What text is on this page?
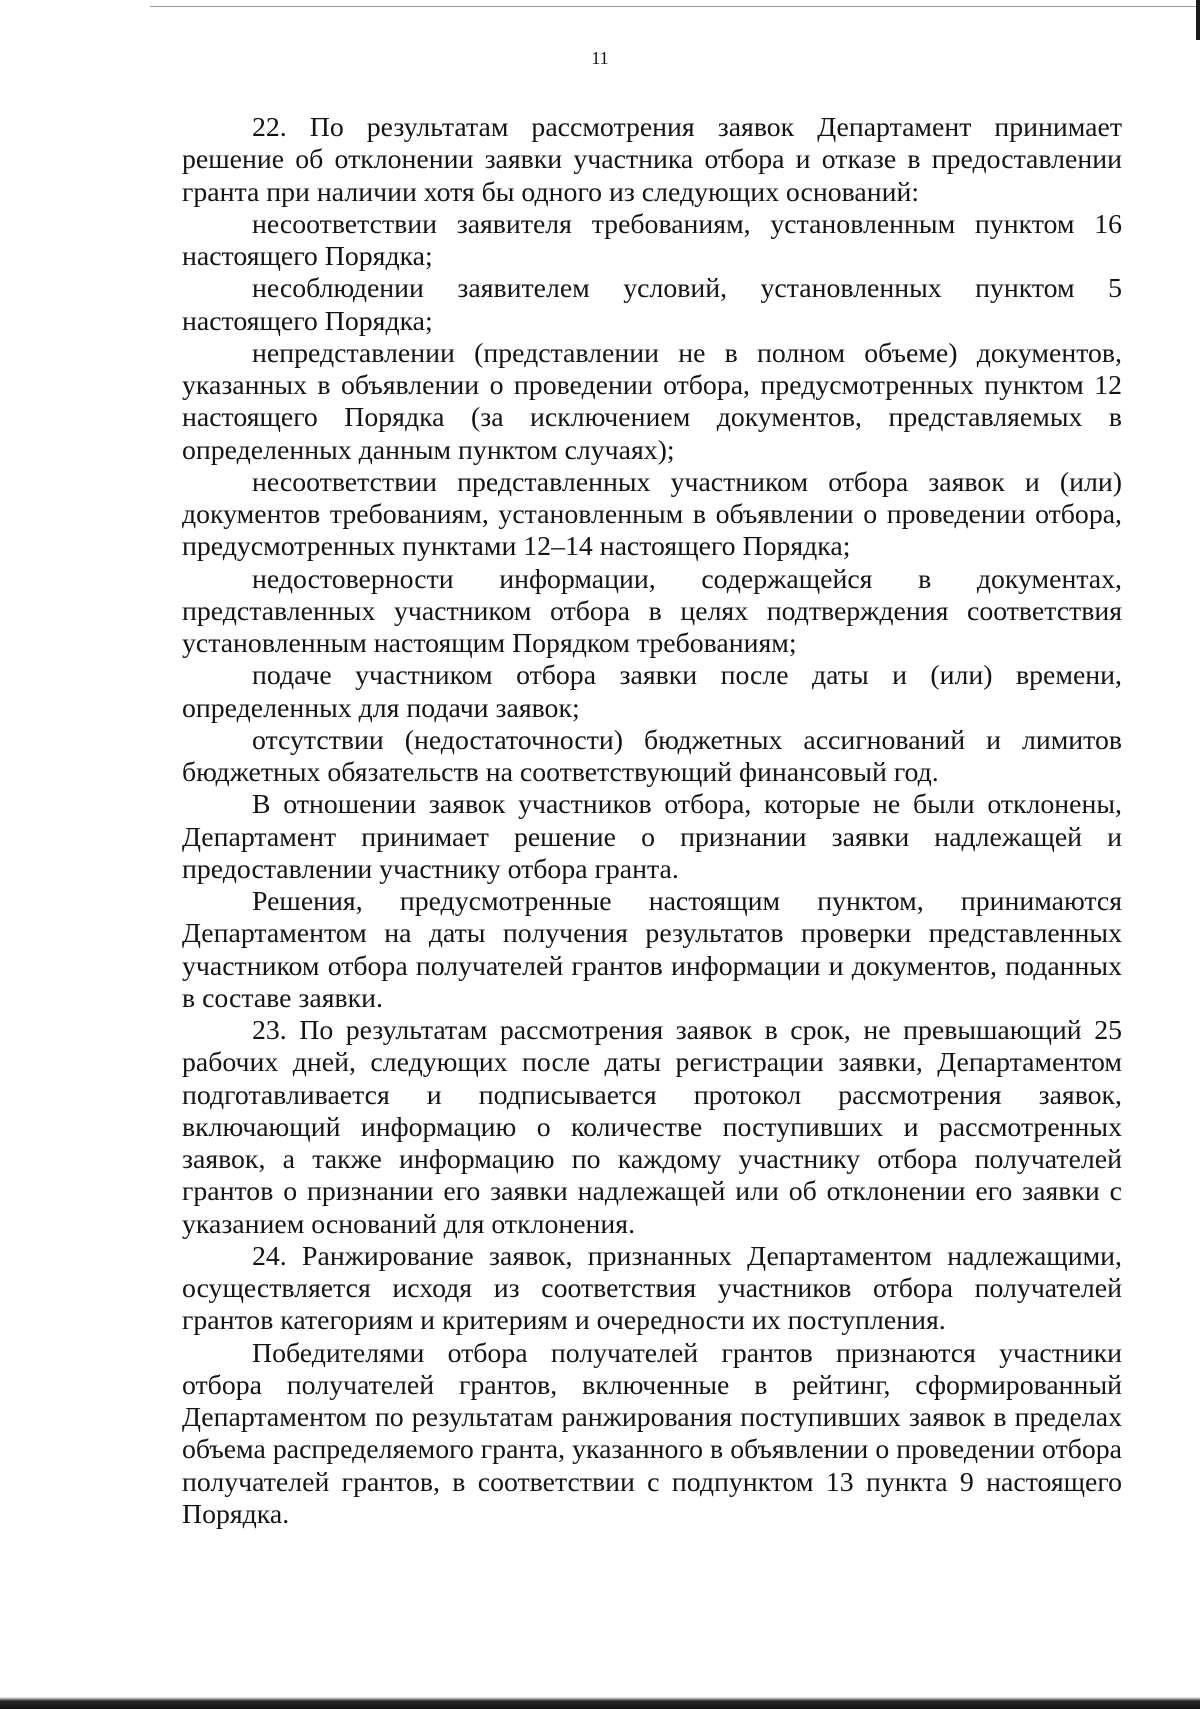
11

22. По результатам рассмотрения заявок Департамент принимает решение об отклонении заявки участника отбора и отказе в предоставлении гранта при наличии хотя бы одного из следующих оснований:

несоответствии заявителя требованиям, установленным пунктом 16 настоящего Порядка;

несоблюдении заявителем условий, установленных пунктом 5 настоящего Порядка;

непредставлении (представлении не в полном объеме) документов, указанных в объявлении о проведении отбора, предусмотренных пунктом 12 настоящего Порядка (за исключением документов, представляемых в определенных данным пунктом случаях);

несоответствии представленных участником отбора заявок и (или) документов требованиям, установленным в объявлении о проведении отбора, предусмотренных пунктами 12–14 настоящего Порядка;

недостоверности информации, содержащейся в документах, представленных участником отбора в целях подтверждения соответствия установленным настоящим Порядком требованиям;

подаче участником отбора заявки после даты и (или) времени, определенных для подачи заявок;

отсутствии (недостаточности) бюджетных ассигнований и лимитов бюджетных обязательств на соответствующий финансовый год.

В отношении заявок участников отбора, которые не были отклонены, Департамент принимает решение о признании заявки надлежащей и предоставлении участнику отбора гранта.

Решения, предусмотренные настоящим пунктом, принимаются Департаментом на даты получения результатов проверки представленных участником отбора получателей грантов информации и документов, поданных в составе заявки.

23. По результатам рассмотрения заявок в срок, не превышающий 25 рабочих дней, следующих после даты регистрации заявки, Департаментом подготавливается и подписывается протокол рассмотрения заявок, включающий информацию о количестве поступивших и рассмотренных заявок, а также информацию по каждому участнику отбора получателей грантов о признании его заявки надлежащей или об отклонении его заявки с указанием оснований для отклонения.

24. Ранжирование заявок, признанных Департаментом надлежащими, осуществляется исходя из соответствия участников отбора получателей грантов категориям и критериям и очередности их поступления.

Победителями отбора получателей грантов признаются участники отбора получателей грантов, включенные в рейтинг, сформированный Департаментом по результатам ранжирования поступивших заявок в пределах объема распределяемого гранта, указанного в объявлении о проведении отбора получателей грантов, в соответствии с подпунктом 13 пункта 9 настоящего Порядка.
